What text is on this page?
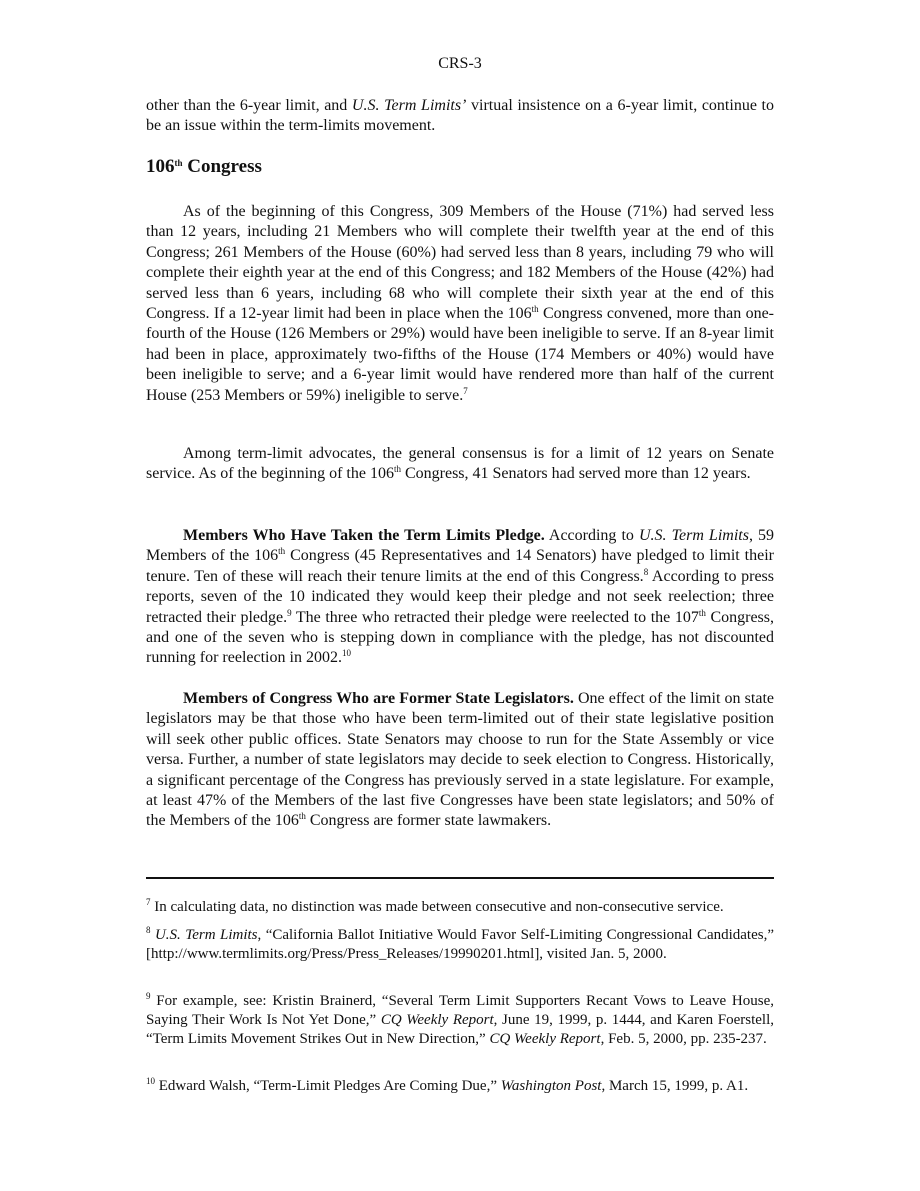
CRS-3

other than the 6-year limit, and U.S. Term Limits’ virtual insistence on a 6-year limit, continue to be an issue within the term-limits movement.

106th Congress

As of the beginning of this Congress, 309 Members of the House (71%) had served less than 12 years, including 21 Members who will complete their twelfth year at the end of this Congress; 261 Members of the House (60%) had served less than 8 years, including 79 who will complete their eighth year at the end of this Congress; and 182 Members of the House (42%) had served less than 6 years, including 68 who will complete their sixth year at the end of this Congress. If a 12-year limit had been in place when the 106th Congress convened, more than one-fourth of the House (126 Members or 29%) would have been ineligible to serve. If an 8-year limit had been in place, approximately two-fifths of the House (174 Members or 40%) would have been ineligible to serve; and a 6-year limit would have rendered more than half of the current House (253 Members or 59%) ineligible to serve.$^7$

Among term-limit advocates, the general consensus is for a limit of 12 years on Senate service. As of the beginning of the 106th Congress, 41 Senators had served more than 12 years.

Members Who Have Taken the Term Limits Pledge. According to U.S. Term Limits, 59 Members of the 106th Congress (45 Representatives and 14 Senators) have pledged to limit their tenure. Ten of these will reach their tenure limits at the end of this Congress.$^8$ According to press reports, seven of the 10 indicated they would keep their pledge and not seek reelection; three retracted their pledge.$^9$ The three who retracted their pledge were reelected to the 107th Congress, and one of the seven who is stepping down in compliance with the pledge, has not discounted running for reelection in 2002.10

Members of Congress Who are Former State Legislators. One effect of the limit on state legislators may be that those who have been term-limited out of their state legislative position will seek other public offices. State Senators may choose to run for the State Assembly or vice versa. Further, a number of state legislators may decide to seek election to Congress. Historically, a significant percentage of the Congress has previously served in a state legislature. For example, at least 47% of the Members of the last five Congresses have been state legislators; and 50% of the Members of the 106th Congress are former state lawmakers.

$^7$ In calculating data, no distinction was made between consecutive and non-consecutive service.

$^8$ U.S. Term Limits, “California Ballot Initiative Would Favor Self-Limiting Congressional Candidates,” [http://www.termlimits.org/Press/Press_Releases/19990201.html], visited Jan. 5, 2000.

$^9$ For example, see: Kristin Brainerd, “Several Term Limit Supporters Recant Vows to Leave House, Saying Their Work Is Not Yet Done,” CQ Weekly Report, June 19, 1999, p. 1444, and Karen Foerstell, “Term Limits Movement Strikes Out in New Direction,” CQ Weekly Report, Feb. 5, 2000, pp. 235-237.

$^{10}$ Edward Walsh, “Term-Limit Pledges Are Coming Due,” Washington Post, March 15, 1999, p. A1.
